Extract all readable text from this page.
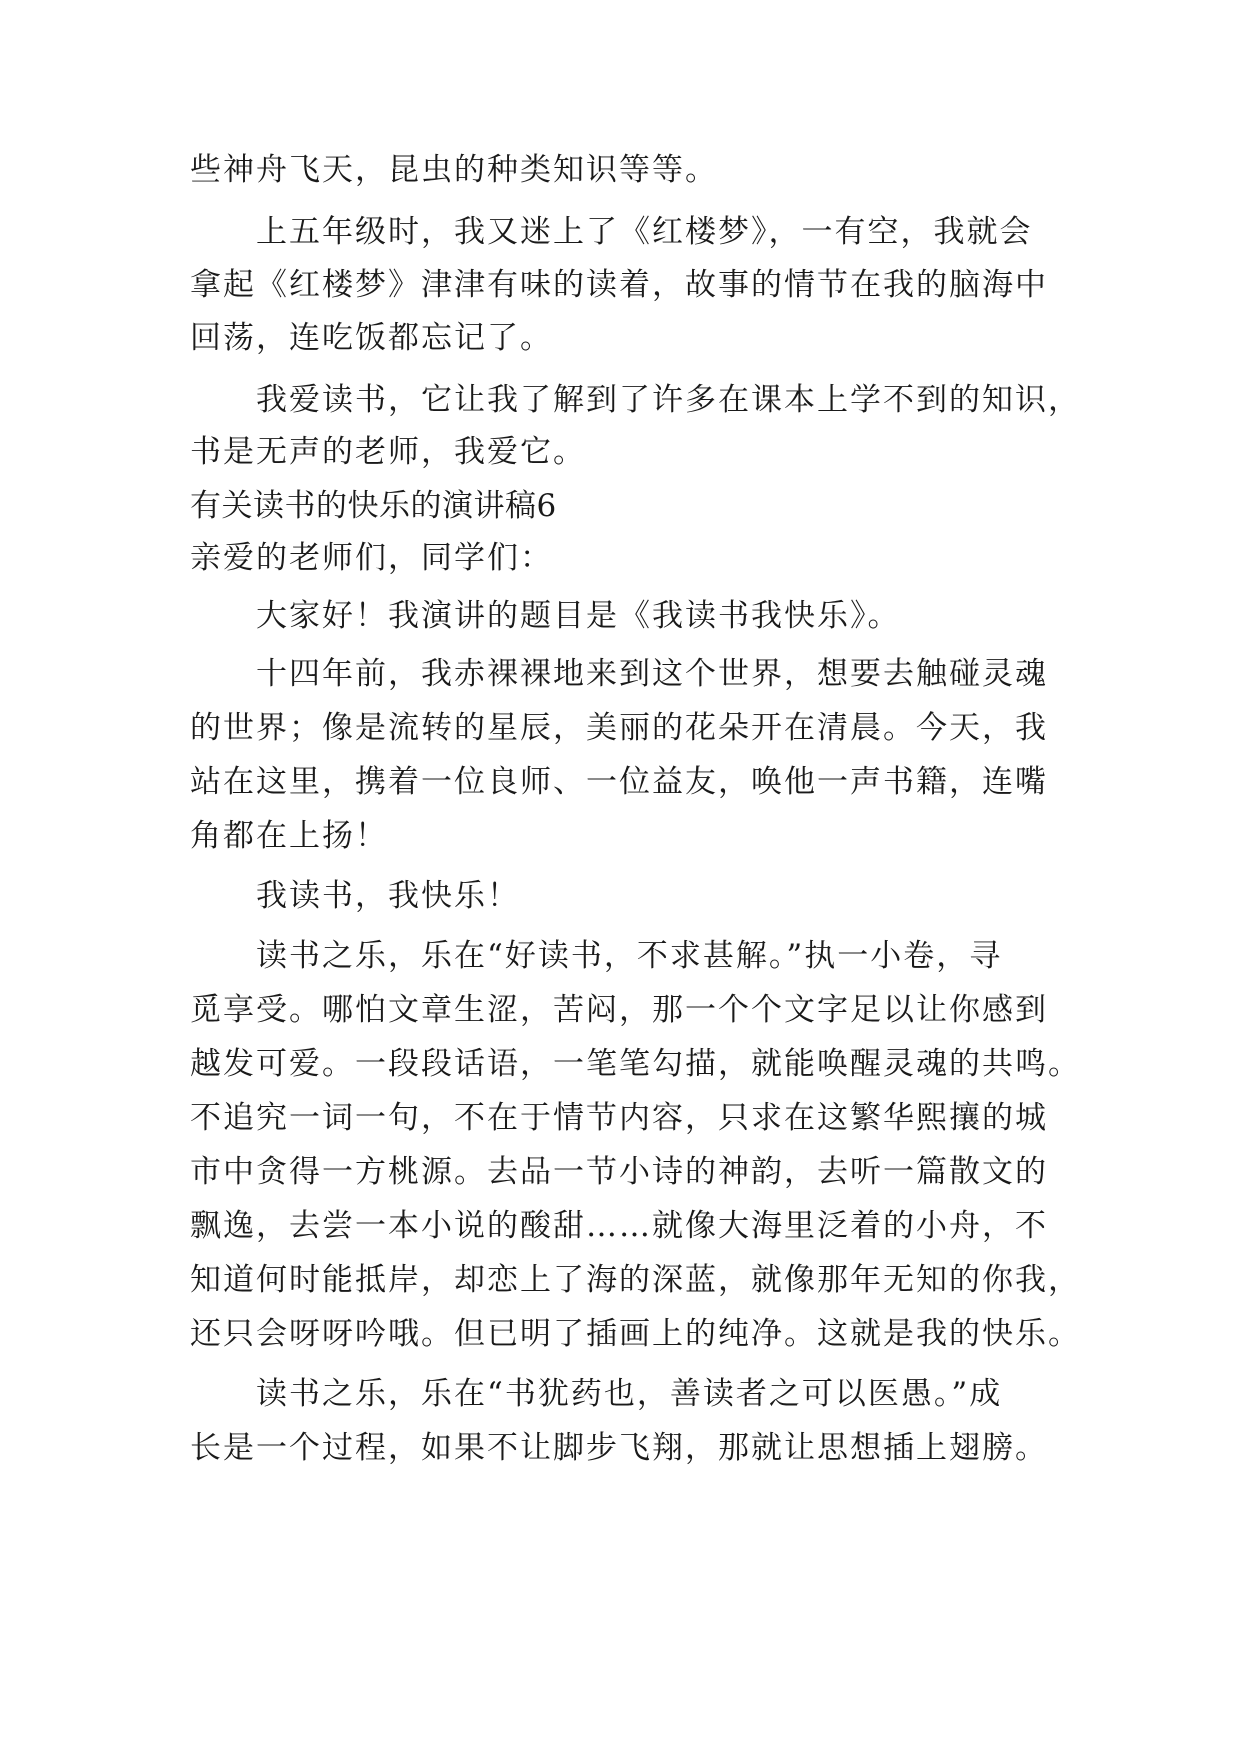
些神舟飞天，昆虫的种类知识等等。
上五年级时，我又迷上了《红楼梦》，一有空，我就会
拿起《红楼梦》津津有味的读着，故事的情节在我的脑海中
回荡，连吃饭都忘记了。
我爱读书，它让我了解到了许多在课本上学不到的知识，
书是无声的老师，我爱它。
有关读书的快乐的演讲稿6
亲爱的老师们，同学们：
大家好！我演讲的题目是《我读书我快乐》。
十四年前，我赤裸裸地来到这个世界，想要去触碰灵魂
的世界；像是流转的星辰，美丽的花朵开在清晨。今天，我
站在这里，携着一位良师、一位益友，唤他一声书籍，连嘴
角都在上扬！
我读书，我快乐！
读书之乐，乐在“好读书，不求甚解。”执一小卷，寻
觅享受。哪怕文章生涩，苦闷，那一个个文字足以让你感到
越发可爱。一段段话语，一笔笔勾描，就能唤醒灵魂的共鸣。
不追究一词一句，不在于情节内容，只求在这繁华熙攘的城
市中贪得一方桃源。去品一节小诗的神韵，去听一篇散文的
飘逸，去尝一本小说的酸甜……就像大海里泛着的小舟，不
知道何时能抵岸，却恋上了海的深蓝，就像那年无知的你我，
还只会呀呀吟哦。但已明了插画上的纯净。这就是我的快乐。
读书之乐，乐在“书犹药也，善读者之可以医愚。”成
长是一个过程，如果不让脚步飞翔，那就让思想插上翅膀。
